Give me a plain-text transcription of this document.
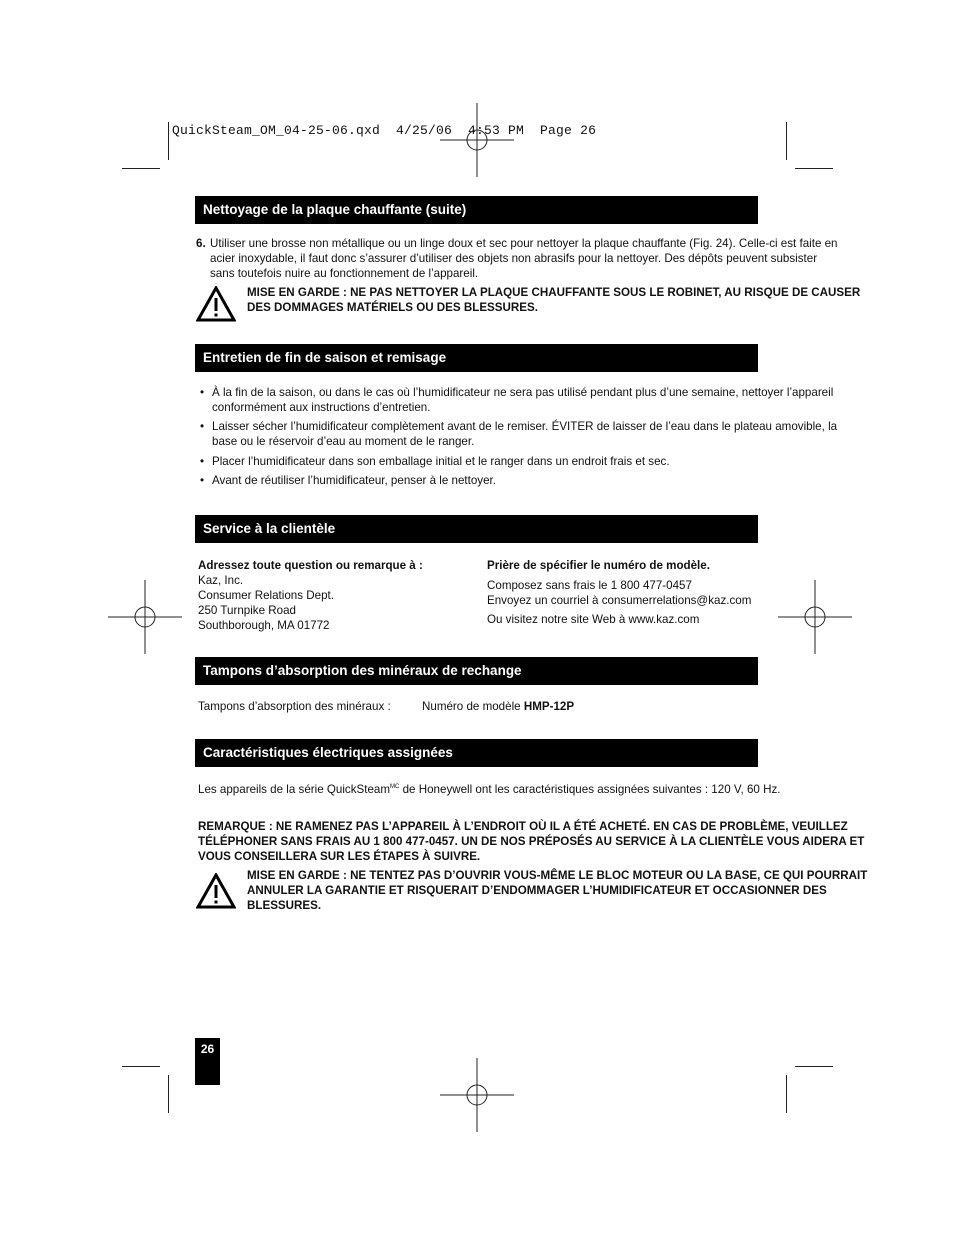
QuickSteam_OM_04-25-06.qxd  4/25/06  4:53 PM  Page 26
Nettoyage de la plaque chauffante (suite)
6. Utiliser une brosse non métallique ou un linge doux et sec pour nettoyer la plaque chauffante (Fig. 24). Celle-ci est faite en
acier inoxydable, il faut donc s’assurer d’utiliser des objets non abrasifs pour la nettoyer. Des dépôts peuvent subsister
sans toutefois nuire au fonctionnement de l’appareil.
MISE EN GARDE : NE PAS NETTOYER LA PLAQUE CHAUFFANTE SOUS LE ROBINET, AU RISQUE DE CAUSER
DES DOMMAGES MATÉRIELS OU DES BLESSURES.
Entretien de fin de saison et remisage
• À la fin de la saison, ou dans le cas où l’humidificateur ne sera pas utilisé pendant plus d’une semaine, nettoyer l’appareil
conformément aux instructions d’entretien.
• Laisser sécher l’humidificateur complètement avant de le remiser. ÉVITER de laisser de l’eau dans le plateau amovible, la
base ou le réservoir d’eau au moment de le ranger.
• Placer l’humidificateur dans son emballage initial et le ranger dans un endroit frais et sec.
• Avant de réutiliser l’humidificateur, penser à le nettoyer.
Service à la clientèle
Adressez toute question ou remarque à :
Kaz, Inc.
Consumer Relations Dept.
250 Turnpike Road
Southborough, MA 01772
Prière de spécifier le numéro de modèle.
Composez sans frais le 1 800 477-0457
Envoyez un courriel à consumerrelations@kaz.com
Ou visitez notre site Web à www.kaz.com
Tampons d’absorption des minéraux de rechange
Tampons d’absorption des minéraux :	Numéro de modèle HMP-12P
Caractéristiques électriques assignées
Les appareils de la série QuickSteam$^{MC}$ de Honeywell ont les caractéristiques assignées suivantes : 120 V, 60 Hz.
REMARQUE : NE RAMENEZ PAS L’APPAREIL À L’ENDROIT OÙ IL A ÉTÉ ACHETÉ. EN CAS DE PROBLÈME, VEUILLEZ
TÉLÉPHONER SANS FRAIS AU 1 800 477-0457. UN DE NOS PRÉPOSÉS AU SERVICE À LA CLIENTÈLE VOUS AIDERA ET
VOUS CONSEILLERA SUR LES ÉTAPES À SUIVRE.
MISE EN GARDE : NE TENTEZ PAS D’OUVRIR VOUS-MÊME LE BLOC MOTEUR OU LA BASE, CE QUI POURRAIT
ANNULER LA GARANTIE ET RISQUERAIT D’ENDOMMAGER L’HUMIDIFICATEUR ET OCCASIONNER DES
BLESSURES.
26
